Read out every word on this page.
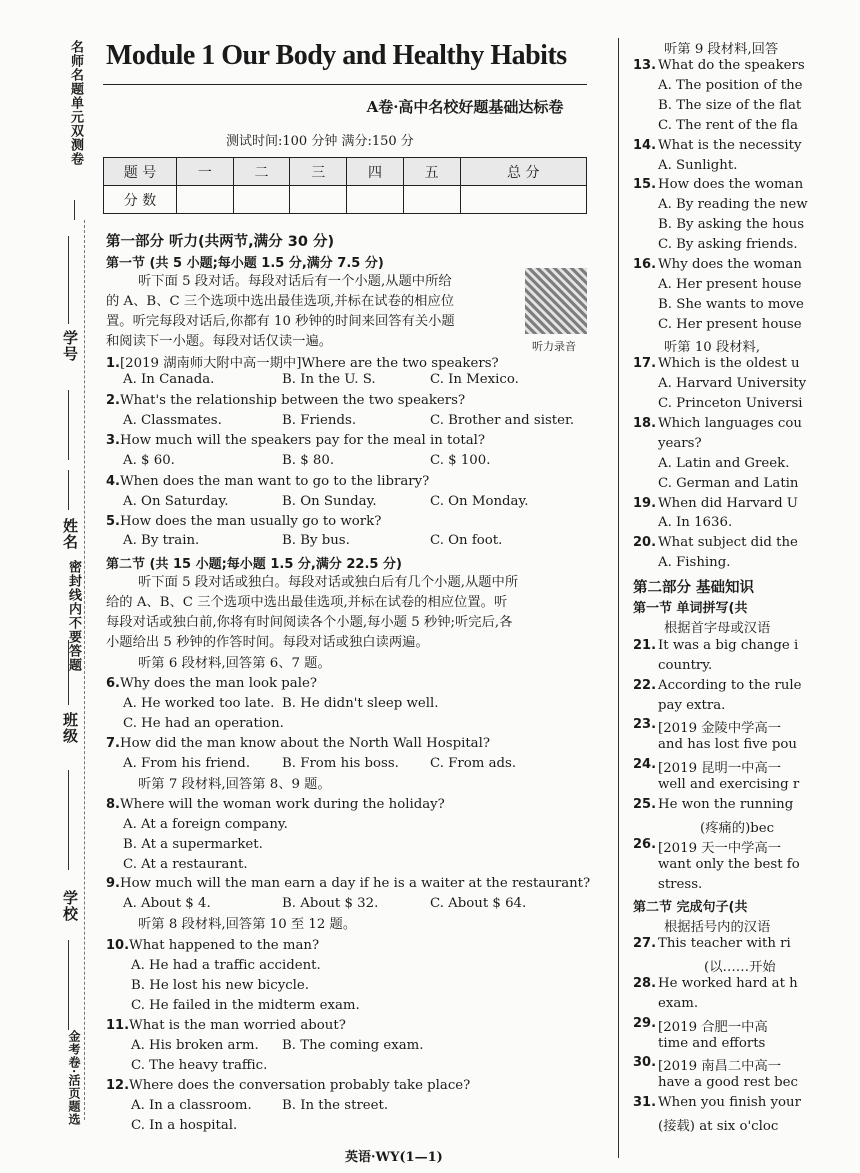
名师名题单元双测卷
学号
姓名
密封线内不要答题
班级
学校
金考卷·活页题选
Module 1 Our Body and Healthy Habits
A卷·高中名校好题基础达标卷
测试时间:100 分钟 满分:150 分
题 号	一	二	三	四	五	总 分
分 数						
第一部分 听力(共两节,满分 30 分)
第一节 (共 5 小题;每小题 1.5 分,满分 7.5 分)
听下面 5 段对话。每段对话后有一个小题,从题中所给
的 A、B、C 三个选项中选出最佳选项,并标在试卷的相应位
置。听完每段对话后,你都有 10 秒钟的时间来回答有关小题
和阅读下一小题。每段对话仅读一遍。	听力录音
1.[2019 湖南师大附中高一期中]Where are the two speakers?
A. In Canada.	B. In the U. S.	C. In Mexico.
2.What's the relationship between the two speakers?
A. Classmates.	B. Friends.	C. Brother and sister.
3.How much will the speakers pay for the meal in total?
A. $ 60.	B. $ 80.	C. $ 100.
4.When does the man want to go to the library?
A. On Saturday.	B. On Sunday.	C. On Monday.
5.How does the man usually go to work?
A. By train.	B. By bus.	C. On foot.
第二节 (共 15 小题;每小题 1.5 分,满分 22.5 分)
听下面 5 段对话或独白。每段对话或独白后有几个小题,从题中所
给的 A、B、C 三个选项中选出最佳选项,并标在试卷的相应位置。听
每段对话或独白前,你将有时间阅读各个小题,每小题 5 秒钟;听完后,各
小题给出 5 秒钟的作答时间。每段对话或独白读两遍。
听第 6 段材料,回答第 6、7 题。
6.Why does the man look pale?
A. He worked too late. B. He didn't sleep well.
C. He had an operation.
7.How did the man know about the North Wall Hospital?
A. From his friend. B. From his boss. C. From ads.
听第 7 段材料,回答第 8、9 题。
8.Where will the woman work during the holiday?
A. At a foreign company.
B. At a supermarket.
C. At a restaurant.
9.How much will the man earn a day if he is a waiter at the restaurant?
A. About $ 4.	B. About $ 32.	C. About $ 64.
听第 8 段材料,回答第 10 至 12 题。
10.What happened to the man?
A. He had a traffic accident.
B. He lost his new bicycle.
C. He failed in the midterm exam.
11.What is the man worried about?
A. His broken arm. B. The coming exam.
C. The heavy traffic.
12.Where does the conversation probably take place?
A. In a classroom. B. In the street.
C. In a hospital.
英语·WY(1—1)
听第 9 段材料,回答
13. What do the speakers
A. The position of the
B. The size of the flat
C. The rent of the fla
14. What is the necessity
A. Sunlight.
15. How does the woman
A. By reading the new
B. By asking the hous
C. By asking friends.
16. Why does the woman
A. Her present house
B. She wants to move
C. Her present house
听第 10 段材料,
17. Which is the oldest u
A. Harvard University
C. Princeton Universi
18. Which languages cou
years?
A. Latin and Greek.
C. German and Latin
19. When did Harvard U
A. In 1636.
20. What subject did the
A. Fishing.
第二部分 基础知识
第一节 单词拼写(共
根据首字母或汉语
21. It was a big change i
country.
22. According to the rule
pay extra.
23. [2019 金陵中学高一
and has lost five pou
24. [2019 昆明一中高一
well and exercising r
25. He won the running
(疼痛的)bec
26. [2019 天一中学高一
want only the best fo
stress.
第二节 完成句子(共
根据括号内的汉语
27. This teacher with ri
(以……开始
28. He worked hard at h
exam.
29. [2019 合肥一中高
time and efforts
30. [2019 南昌二中高一
have a good rest bec
31. When you finish your
(接载) at six o'cloc
